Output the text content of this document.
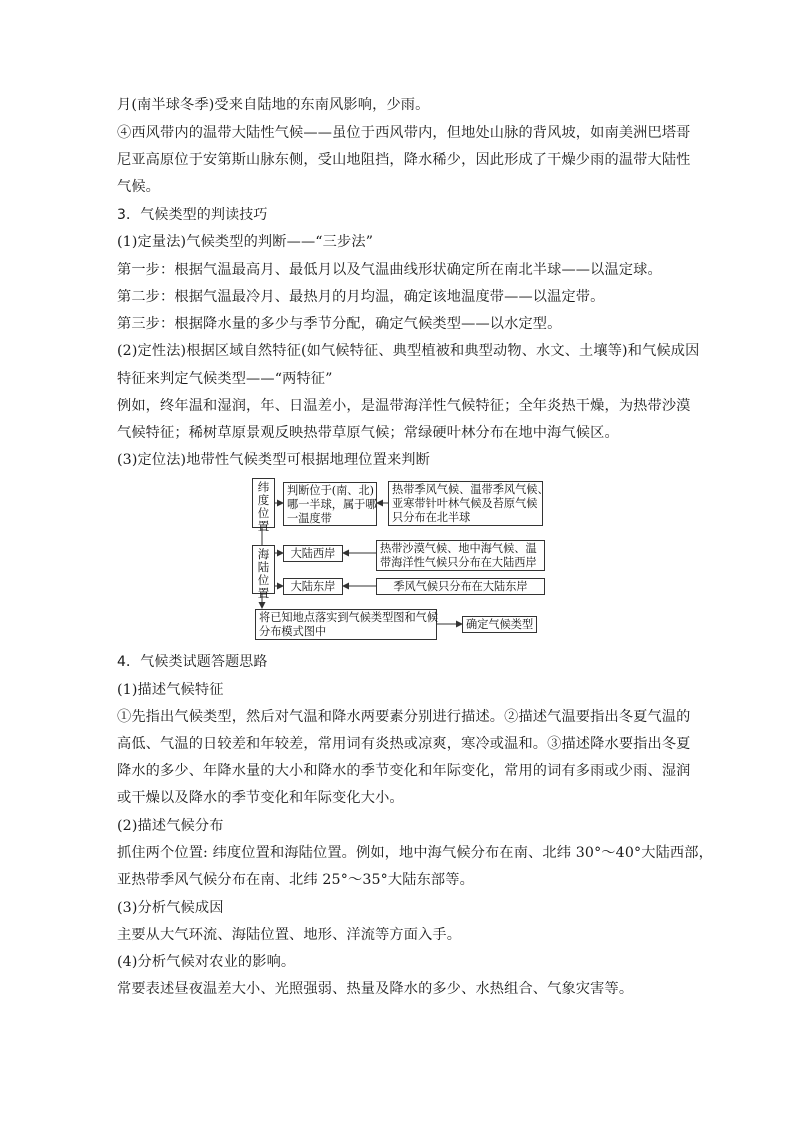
月(南半球冬季)受来自陆地的东南风影响，少雨。
④西风带内的温带大陆性气候——虽位于西风带内，但地处山脉的背风坡，如南美洲巴塔哥
尼亚高原位于安第斯山脉东侧，受山地阻挡，降水稀少，因此形成了干燥少雨的温带大陆性
气候。
3．气候类型的判读技巧
(1)定量法)气候类型的判断——“三步法”
第一步：根据气温最高月、最低月以及气温曲线形状确定所在南北半球——以温定球。
第二步：根据气温最冷月、最热月的月均温，确定该地温度带——以温定带。
第三步：根据降水量的多少与季节分配，确定气候类型——以水定型。
(2)定性法)根据区域自然特征(如气候特征、典型植被和典型动物、水文、土壤等)和气候成因
特征来判定气候类型——“两特征”
例如，终年温和湿润，年、日温差小，是温带海洋性气候特征；全年炎热干燥，为热带沙漠
气候特征；稀树草原景观反映热带草原气候；常绿硬叶林分布在地中海气候区。
(3)定位法)地带性气候类型可根据地理位置来判断
纬度位置
判断位于(南、北)
哪一半球，属于哪
一温度带
热带季风气候、温带季风气候、
亚寒带针叶林气候及苔原气候
只分布在北半球
海陆位置
大陆西岸	热带沙漠气候、地中海气候、温
带海洋性气候只分布在大陆西岸
大陆东岸	季风气候只分布在大陆东岸
将已知地点落实到气候类型图和气候
分布模式图中
确定气候类型
4．气候类试题答题思路
(1)描述气候特征
①先指出气候类型，然后对气温和降水两要素分别进行描述。②描述气温要指出冬夏气温的
高低、气温的日较差和年较差，常用词有炎热或凉爽，寒冷或温和。③描述降水要指出冬夏
降水的多少、年降水量的大小和降水的季节变化和年际变化，常用的词有多雨或少雨、湿润
或干燥以及降水的季节变化和年际变化大小。
(2)描述气候分布
抓住两个位置: 纬度位置和海陆位置。例如，地中海气候分布在南、北纬 30°～40°大陆西部，
亚热带季风气候分布在南、北纬 25°～35°大陆东部等。
(3)分析气候成因
主要从大气环流、海陆位置、地形、洋流等方面入手。
(4)分析气候对农业的影响。
常要表述昼夜温差大小、光照强弱、热量及降水的多少、水热组合、气象灾害等。
